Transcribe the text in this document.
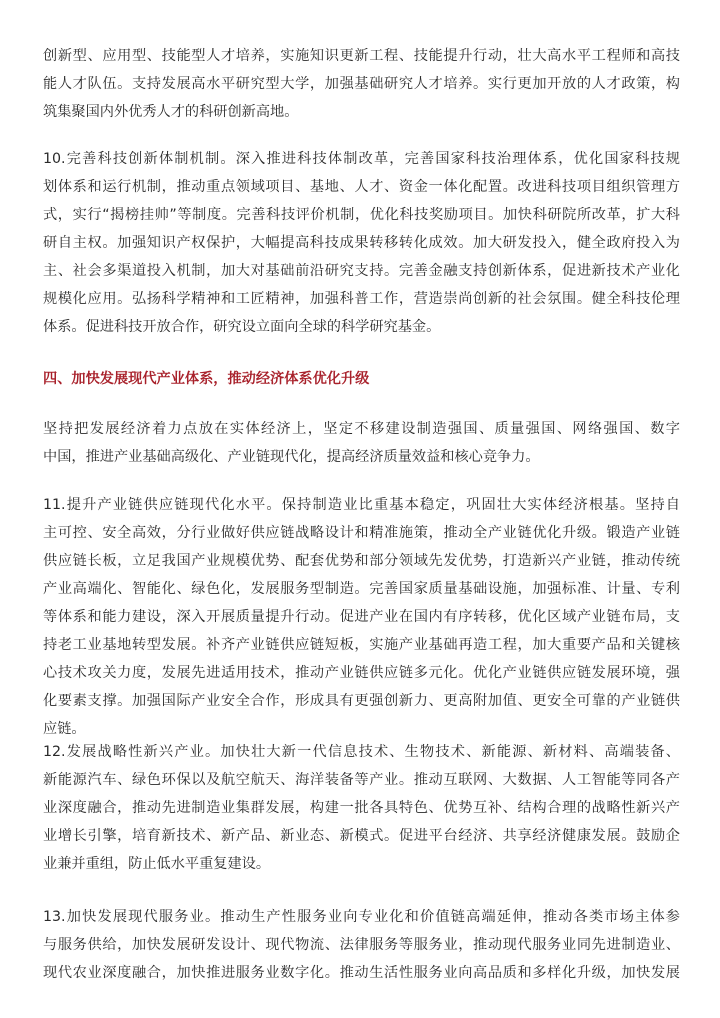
创新型、应用型、技能型人才培养，实施知识更新工程、技能提升行动，壮大高水平工程师和高技
能人才队伍。支持发展高水平研究型大学，加强基础研究人才培养。实行更加开放的人才政策，构
筑集聚国内外优秀人才的科研创新高地。
10.完善科技创新体制机制。深入推进科技体制改革，完善国家科技治理体系，优化国家科技规
划体系和运行机制，推动重点领域项目、基地、人才、资金一体化配置。改进科技项目组织管理方
式，实行“揭榜挂帅”等制度。完善科技评价机制，优化科技奖励项目。加快科研院所改革，扩大科
研自主权。加强知识产权保护，大幅提高科技成果转移转化成效。加大研发投入，健全政府投入为
主、社会多渠道投入机制，加大对基础前沿研究支持。完善金融支持创新体系，促进新技术产业化
规模化应用。弘扬科学精神和工匠精神，加强科普工作，营造崇尚创新的社会氛围。健全科技伦理
体系。促进科技开放合作，研究设立面向全球的科学研究基金。
四、加快发展现代产业体系，推动经济体系优化升级
坚持把发展经济着力点放在实体经济上，坚定不移建设制造强国、质量强国、网络强国、数字
中国，推进产业基础高级化、产业链现代化，提高经济质量效益和核心竞争力。
11.提升产业链供应链现代化水平。保持制造业比重基本稳定，巩固壮大实体经济根基。坚持自
主可控、安全高效，分行业做好供应链战略设计和精准施策，推动全产业链优化升级。锻造产业链
供应链长板，立足我国产业规模优势、配套优势和部分领域先发优势，打造新兴产业链，推动传统
产业高端化、智能化、绿色化，发展服务型制造。完善国家质量基础设施，加强标准、计量、专利
等体系和能力建设，深入开展质量提升行动。促进产业在国内有序转移，优化区域产业链布局，支
持老工业基地转型发展。补齐产业链供应链短板，实施产业基础再造工程，加大重要产品和关键核
心技术攻关力度，发展先进适用技术，推动产业链供应链多元化。优化产业链供应链发展环境，强
化要素支撑。加强国际产业安全合作，形成具有更强创新力、更高附加值、更安全可靠的产业链供
应链。
12.发展战略性新兴产业。加快壮大新一代信息技术、生物技术、新能源、新材料、高端装备、
新能源汽车、绿色环保以及航空航天、海洋装备等产业。推动互联网、大数据、人工智能等同各产
业深度融合，推动先进制造业集群发展，构建一批各具特色、优势互补、结构合理的战略性新兴产
业增长引擎，培育新技术、新产品、新业态、新模式。促进平台经济、共享经济健康发展。鼓励企
业兼并重组，防止低水平重复建设。
13.加快发展现代服务业。推动生产性服务业向专业化和价值链高端延伸，推动各类市场主体参
与服务供给，加快发展研发设计、现代物流、法律服务等服务业，推动现代服务业同先进制造业、
现代农业深度融合，加快推进服务业数字化。推动生活性服务业向高品质和多样化升级，加快发展
